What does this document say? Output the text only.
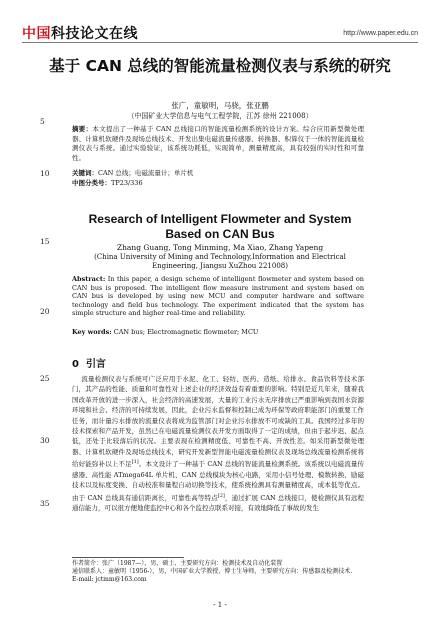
中国科技论文在线	http://www.paper.edu.cn
基于 CAN 总线的智能流量检测仪表与系统的研究
张广，童敏明，马骁，张亚鹏
（中国矿业大学信息与电气工程学院，江苏 徐州 221008）
5
10
15
20
25
30
35
摘要：本文提出了一种基于 CAN 总线接口的智能流量检测系统的设计方案。综合应用新型微处理器、计算机软硬件及现场总线技术、开发出集电磁流量传感器、转换器、积算仪于一体的智能流量检测仪表与系统。通过实验验证，该系统功耗低，实现简单，测量精度高，具有较强的实时性和可靠性。
关键词：CAN 总线；电磁流量计；单片机
中图分类号：TP23/336
Research of Intelligent Flowmeter and System Based on CAN Bus
Zhang Guang, Tong Minming, Ma Xiao, Zhang Yapeng
(China University of Mining and Technology,Information and Electrical Engineering, Jiangsu XuZhou 221008)
Abstract: In this paper, a design scheme of intelligent flowmeter and system based on CAN bus is proposed. The intelligent flow measure instrument and system based on CAN bus is developed by using new MCU and computer hardware and software technology and field bus technology. The experiment indicated that the system has simple structure and higher real-time and reliability.
Key words: CAN bus; Electromagnetic flowmeter; MCU
0 引言
流量检测仪表与系统可广泛应用于水泥、化工、轻纺、医药、造纸、给排水、食品饮料等技术部门，其产品的性能、质量和可靠性对上述企业的经济效益有着重要的影响。特别是近几年来，随着我国改革开放的进一步深入，社会经济的高速发展，大量的工业污水无序排放已严重影响到我国水资源环境和社会、经济的可持续发展，因此，企业污水监督和控制已成为环保等政府职能部门的重要工作任务，而计量污水排放的流量仪表将成为监管部门对企业污水排放不可或缺的工具。我国经过多年的技术探索和产品开发，虽然已在电磁流量检测仪表开发方面取得了一定的成绩，但由于起步迟、起点低，还处于比较落后的状况。主要表现在检测精度低、可靠性不高、开放性差。如采用新型微处理器、计算机软硬件及现场总线技术，研究开发新型智能电磁流量检测仪表及现场总线流量检测系统将给好能弥补以上不足[1]。本文设计了一种基于 CAN 总线的智能流量检测系统。该系统以电磁流量传感器、高性能 ATmega64L 单片机、CAN 总线模块为核心电路，采用小信号处理、模数转换、励磁技术以及标度变换、自动校准和量程自动切换等技术，使系统检测具有测量精度高，成本低等优点。由于 CAN 总线具有通信距离长，可靠性高等特点[2]，通过扩展 CAN 总线接口，使检测仪具有远程通信能力，可以很方便地使监控中心和各个监控点联系对接，有效地降低了事故的发生
作者简介：张广（1987—），男，硕士，主要研究方向：检测技术及自动化装置
通信联系人：童敏明（1956-），男，中国矿业大学教授，博士生导师，主要研究方向：传感器及检测技术.
E-mail: jctmm@163.com
- 1 -
